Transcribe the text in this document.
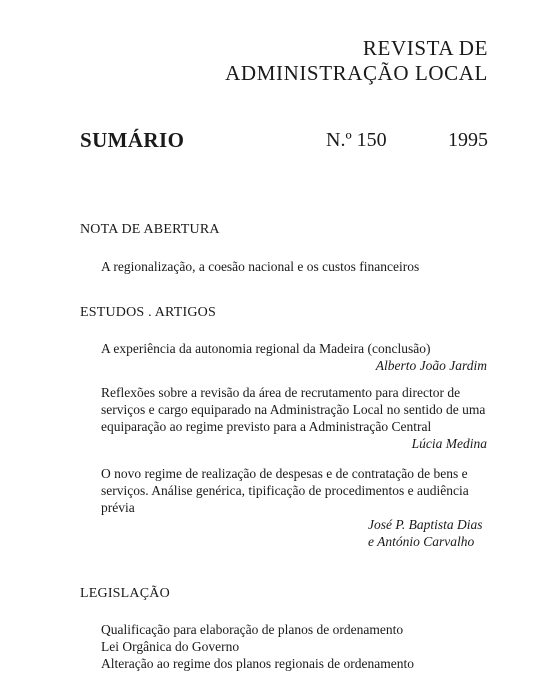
REVISTA DE
ADMINISTRAÇÃO LOCAL
SUMÁRIO	N.º 150	1995
NOTA DE ABERTURA
A regionalização, a coesão nacional e os custos financeiros
ESTUDOS . ARTIGOS
A experiência da autonomia regional da Madeira (conclusão)
Alberto João Jardim
Reflexões sobre a revisão da área de recrutamento para director de
serviços e cargo equiparado na Administração Local no sentido de uma
equiparação ao regime previsto para a Administração Central
Lúcia Medina
O novo regime de realização de despesas e de contratação de bens e
serviços. Análise genérica, tipificação de procedimentos e audiência
prévia
José P. Baptista Dias
e António Carvalho
LEGISLAÇÃO
Qualificação para elaboração de planos de ordenamento
Lei Orgânica do Governo
Alteração ao regime dos planos regionais de ordenamento
